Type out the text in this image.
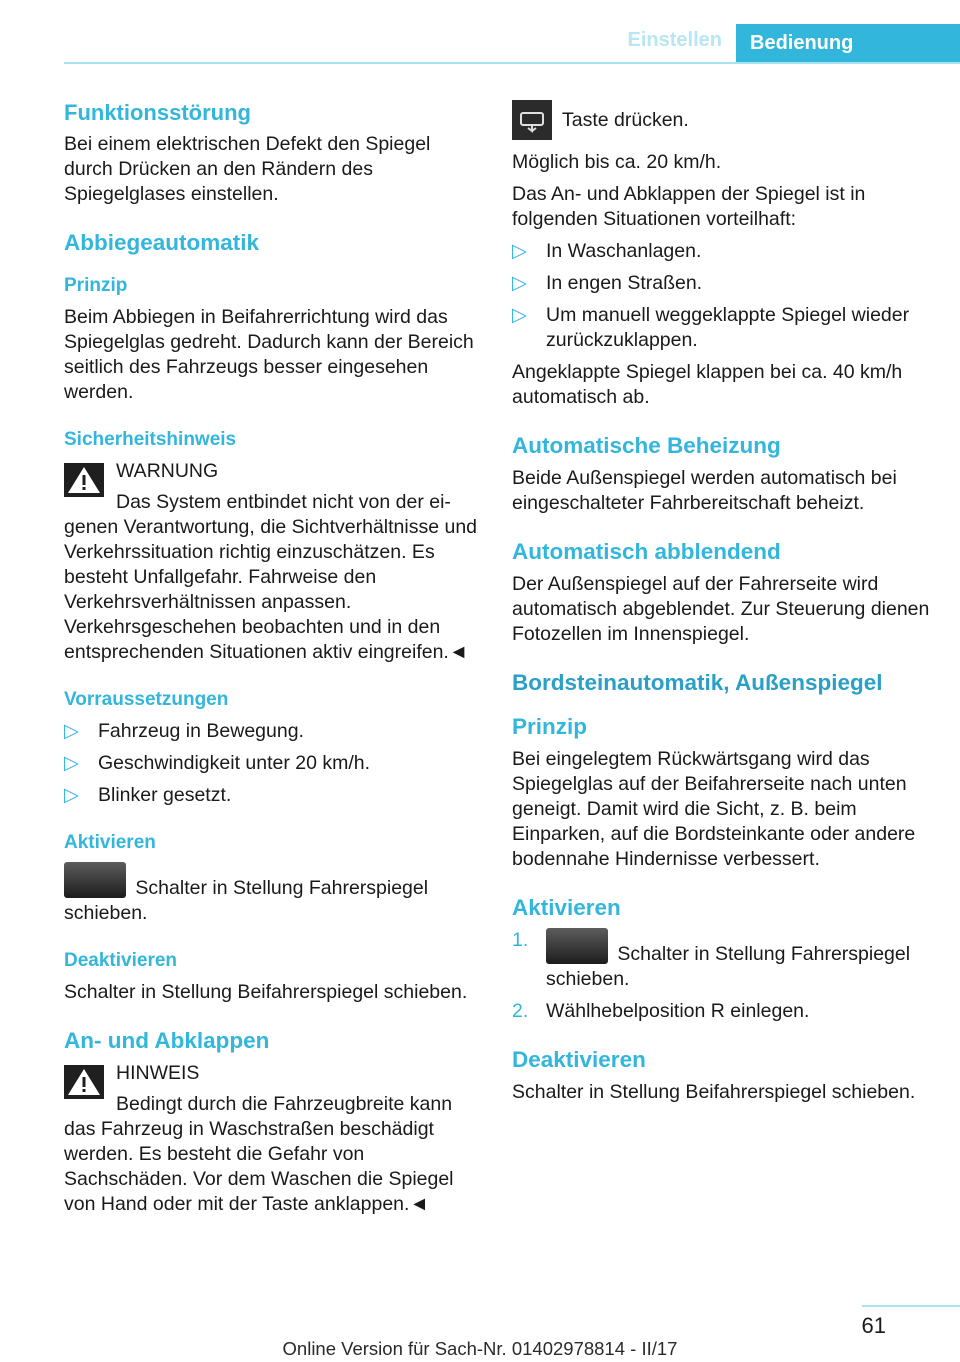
Einstellen	Bedienung
Funktionsstörung

Bei einem elektrischen Defekt den Spiegel durch Drücken an den Rändern des Spiegelglases einstellen.

Abbiegeautomatik
Prinzip

Beim Abbiegen in Beifahrerrichtung wird das Spiegelglas gedreht. Dadurch kann der Bereich seitlich des Fahrzeugs besser eingesehen werden.

Sicherheitshinweis

WARNUNG

Das System entbindet nicht von der ei-

genen Verantwortung, die Sichtverhältnisse und Verkehrssituation richtig einzuschätzen. Es besteht Unfallgefahr. Fahrweise den Verkehrsverhältnissen anpassen. Verkehrsgeschehen beobachten und in den entsprechenden Situationen aktiv eingreifen.◄

Vorraussetzungen
▷ Fahrzeug in Bewegung.
▷ Geschwindigkeit unter 20 km/h.
▷ Blinker gesetzt.
Aktivieren

Schalter in Stellung Fahrerspiegel schieben.

Deaktivieren

Schalter in Stellung Beifahrerspiegel schieben.

An- und Abklappen

HINWEIS

Bedingt durch die Fahrzeugbreite kann

das Fahrzeug in Waschstraßen beschädigt werden. Es besteht die Gefahr von Sachschäden. Vor dem Waschen die Spiegel von Hand oder mit der Taste anklappen.◄

Taste drücken.

Möglich bis ca. 20 km/h.

Das An- und Abklappen der Spiegel ist in folgenden Situationen vorteilhaft:

▷ In Waschanlagen.
▷ In engen Straßen.
▷ Um manuell weggeklappte Spiegel wieder zurückzuklappen.

Angeklappte Spiegel klappen bei ca. 40 km/h automatisch ab.

Automatische Beheizung

Beide Außenspiegel werden automatisch bei eingeschalteter Fahrbereitschaft beheizt.

Automatisch abblendend

Der Außenspiegel auf der Fahrerseite wird automatisch abgeblendet. Zur Steuerung dienen Fotozellen im Innenspiegel.

Bordsteinautomatik, Außenspiegel
Prinzip

Bei eingelegtem Rückwärtsgang wird das Spiegelglas auf der Beifahrerseite nach unten geneigt. Damit wird die Sicht, z. B. beim Einparken, auf die Bordsteinkante oder andere bodennahe Hindernisse verbessert.

Aktivieren
1.
Schalter in Stellung Fahrerspiegel schieben.
2. Wählhebelposition R einlegen.
Deaktivieren

Schalter in Stellung Beifahrerspiegel schieben.

61
Online Version für Sach-Nr. 01402978814 - II/17
